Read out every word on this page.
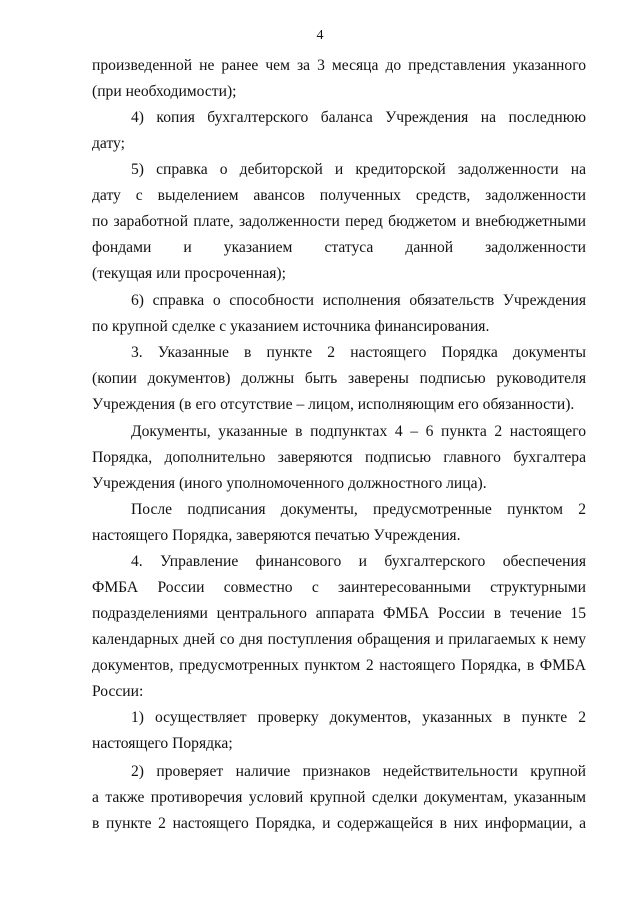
4
произведенной не ранее чем за 3 месяца до представления указанного
(при необходимости);
4) копия бухгалтерского баланса Учреждения на последнюю
дату;
5) справка о дебиторской и кредиторской задолженности на
дату с выделением авансов полученных средств, задолженности
по заработной плате, задолженности перед бюджетом и внебюджетными
фондами и указанием статуса данной задолженности
(текущая или просроченная);
6) справка о способности исполнения обязательств Учреждения
по крупной сделке с указанием источника финансирования.
3. Указанные в пункте 2 настоящего Порядка документы
(копии документов) должны быть заверены подписью руководителя
Учреждения (в его отсутствие – лицом, исполняющим его обязанности).
Документы, указанные в подпунктах 4 – 6 пункта 2 настоящего
Порядка, дополнительно заверяются подписью главного бухгалтера
Учреждения (иного уполномоченного должностного лица).
После подписания документы, предусмотренные пунктом 2
настоящего Порядка, заверяются печатью Учреждения.
4. Управление финансового и бухгалтерского обеспечения
ФМБА России совместно с заинтересованными структурными
подразделениями центрального аппарата ФМБА России в течение 15
календарных дней со дня поступления обращения и прилагаемых к нему
документов, предусмотренных пунктом 2 настоящего Порядка, в ФМБА
России:
1) осуществляет проверку документов, указанных в пункте 2
настоящего Порядка;
2) проверяет наличие признаков недействительности крупной
а также противоречия условий крупной сделки документам, указанным
в пункте 2 настоящего Порядка, и содержащейся в них информации, а
